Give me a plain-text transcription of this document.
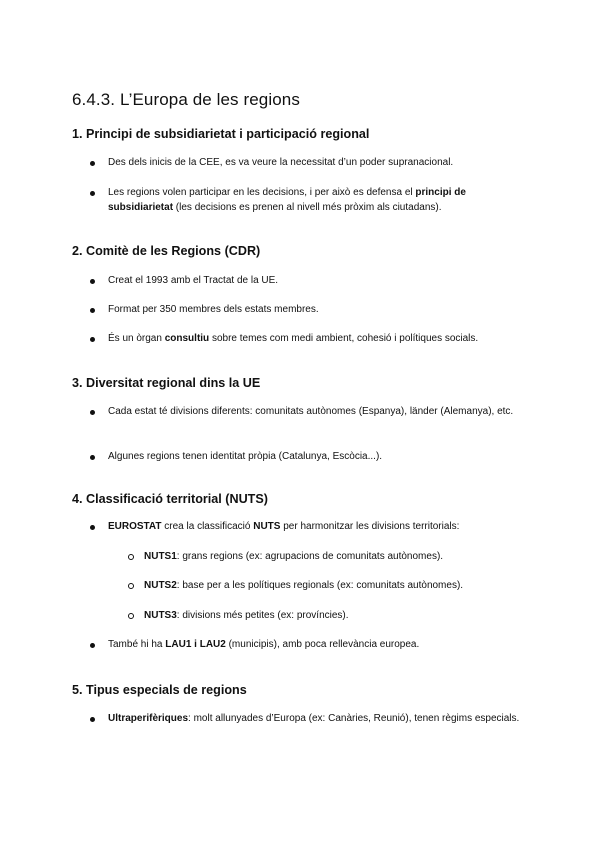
6.4.3. L’Europa de les regions
1. Principi de subsidiarietat i participació regional
Des dels inicis de la CEE, es va veure la necessitat d’un poder supranacional.
Les regions volen participar en les decisions, i per això es defensa el principi de subsidiarietat (les decisions es prenen al nivell més pròxim als ciutadans).
2. Comitè de les Regions (CDR)
Creat el 1993 amb el Tractat de la UE.
Format per 350 membres dels estats membres.
És un òrgan consultiu sobre temes com medi ambient, cohesió i polítiques socials.
3. Diversitat regional dins la UE
Cada estat té divisions diferents: comunitats autònomes (Espanya), länder (Alemanya), etc.
Algunes regions tenen identitat pròpia (Catalunya, Escòcia...).
4. Classificació territorial (NUTS)
EUROSTAT crea la classificació NUTS per harmonitzar les divisions territorials:
NUTS1: grans regions (ex: agrupacions de comunitats autònomes).
NUTS2: base per a les polítiques regionals (ex: comunitats autònomes).
NUTS3: divisions més petites (ex: províncies).
També hi ha LAU1 i LAU2 (municipis), amb poca rellevància europea.
5. Tipus especials de regions
Ultraperifèriques: molt allunyades d’Europa (ex: Canàries, Reunió), tenen règims especials.
